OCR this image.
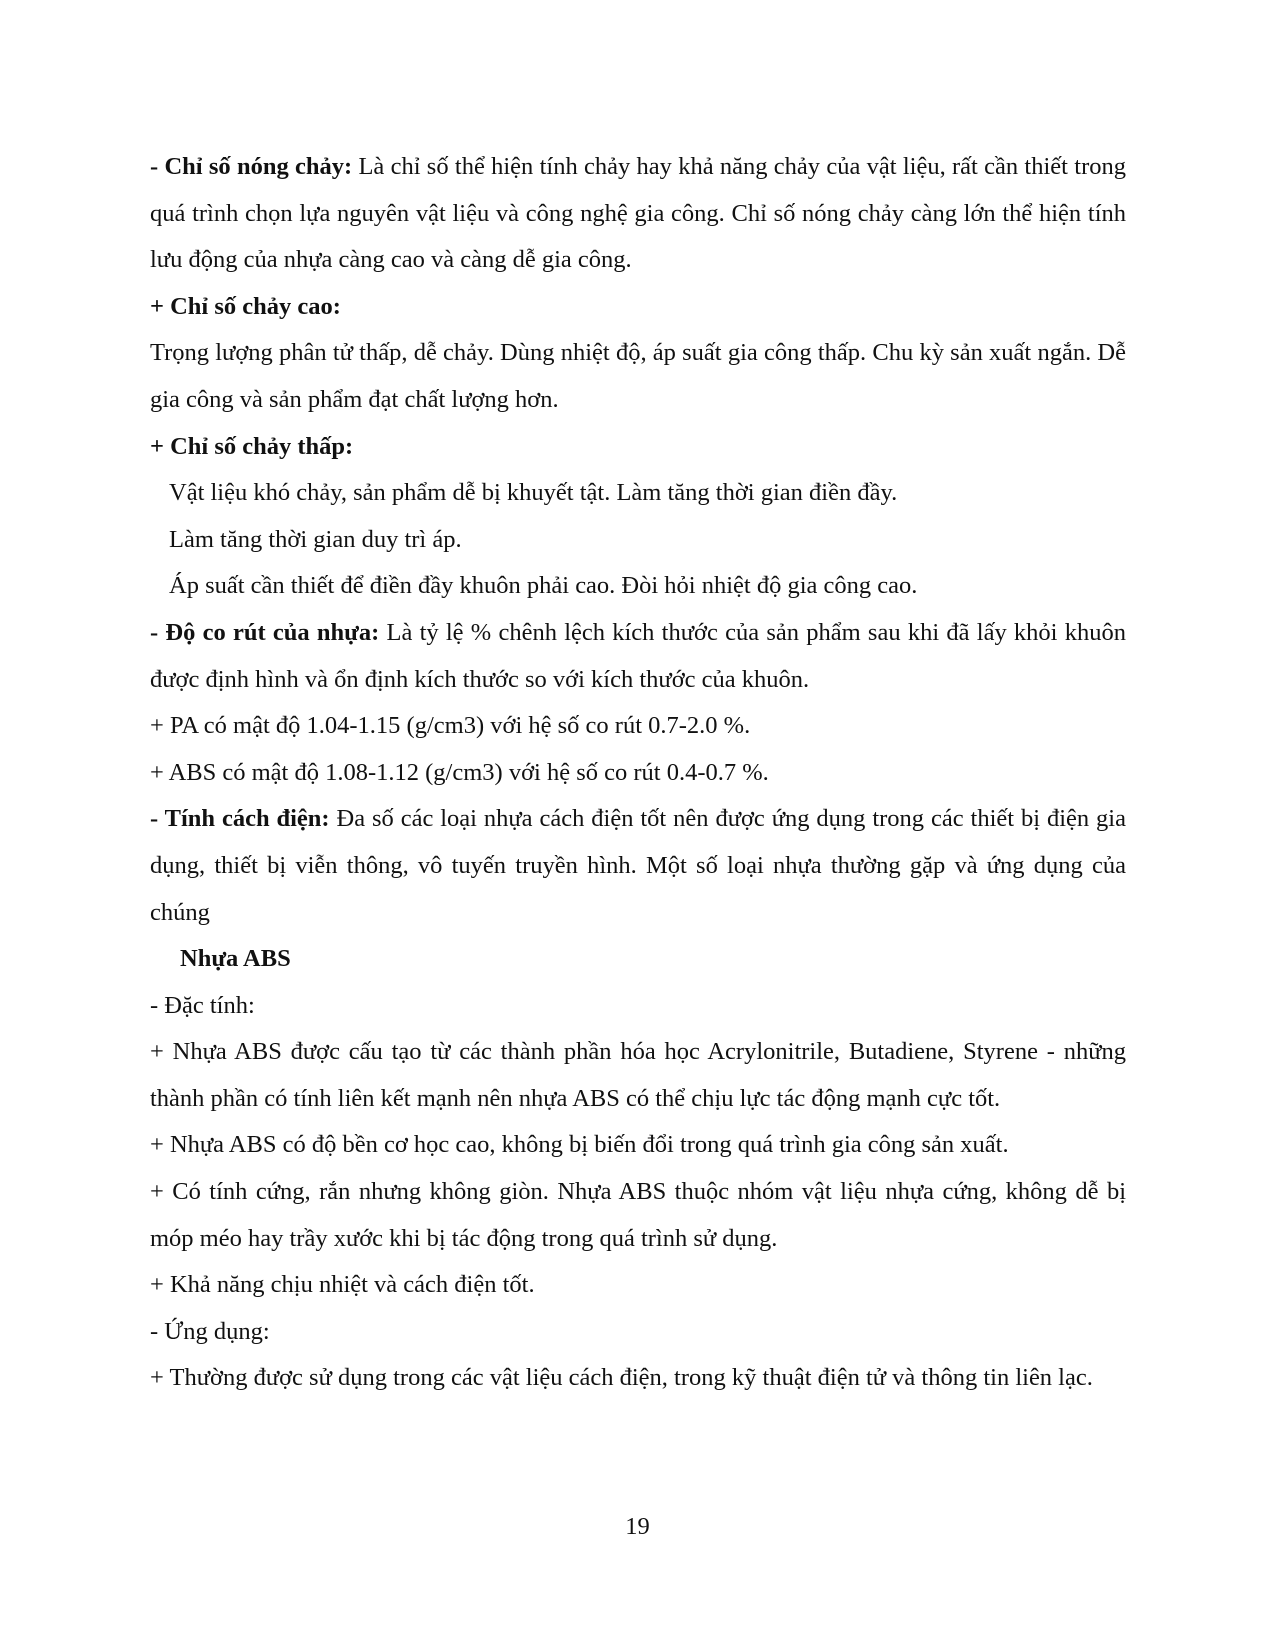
- Chỉ số nóng chảy: Là chỉ số thể hiện tính chảy hay khả năng chảy của vật liệu, rất cần thiết trong quá trình chọn lựa nguyên vật liệu và công nghệ gia công. Chỉ số nóng chảy càng lớn thể hiện tính lưu động của nhựa càng cao và càng dễ gia công.

+ Chỉ số chảy cao:

Trọng lượng phân tử thấp, dễ chảy. Dùng nhiệt độ, áp suất gia công thấp. Chu kỳ sản xuất ngắn. Dễ gia công và sản phẩm đạt chất lượng hơn.

+ Chỉ số chảy thấp:

Vật liệu khó chảy, sản phẩm dễ bị khuyết tật. Làm tăng thời gian điền đầy.

Làm tăng thời gian duy trì áp.

Áp suất cần thiết để điền đầy khuôn phải cao. Đòi hỏi nhiệt độ gia công cao.

- Độ co rút của nhựa: Là tỷ lệ % chênh lệch kích thước của sản phẩm sau khi đã lấy khỏi khuôn được định hình và ổn định kích thước so với kích thước của khuôn.

+ PA có mật độ 1.04-1.15 (g/cm3) với hệ số co rút 0.7-2.0 %.

+ ABS có mật độ 1.08-1.12 (g/cm3) với hệ số co rút 0.4-0.7 %.

- Tính cách điện: Đa số các loại nhựa cách điện tốt nên được ứng dụng trong các thiết bị điện gia dụng, thiết bị viễn thông, vô tuyến truyền hình. Một số loại nhựa thường gặp và ứng dụng của chúng

Nhựa ABS

- Đặc tính:

+ Nhựa ABS được cấu tạo từ các thành phần hóa học Acrylonitrile, Butadiene, Styrene - những thành phần có tính liên kết mạnh nên nhựa ABS có thể chịu lực tác động mạnh cực tốt.

+ Nhựa ABS có độ bền cơ học cao, không bị biến đổi trong quá trình gia công sản xuất.

+ Có tính cứng, rắn nhưng không giòn. Nhựa ABS thuộc nhóm vật liệu nhựa cứng, không dễ bị móp méo hay trầy xước khi bị tác động trong quá trình sử dụng.

+ Khả năng chịu nhiệt và cách điện tốt.

- Ứng dụng:

+ Thường được sử dụng trong các vật liệu cách điện, trong kỹ thuật điện tử và thông tin liên lạc.

19
